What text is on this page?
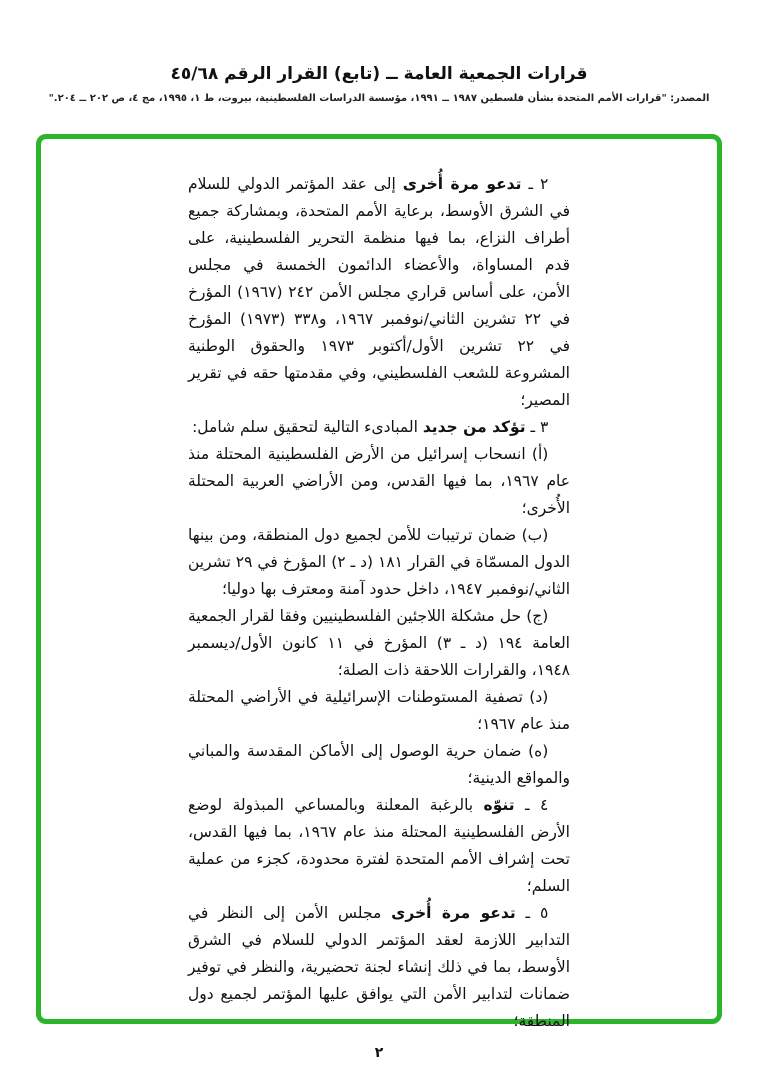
قرارات الجمعية العامة ــ (تابع) القرار الرقم ٤٥/٦٨
المصدر: "قرارات الأمم المتحدة بشأن فلسطين ١٩٨٧ ــ ١٩٩١، مؤسسة الدراسات الفلسطينية، بيروت، ط ١، ١٩٩٥، مج ٤، ص ٢٠٢ ــ ٢٠٤."

٢ ـ تدعو مرة أُخرى إلى عقد المؤتمر الدولي للسلام في الشرق الأوسط، برعاية الأمم المتحدة، وبمشاركة جميع أطراف النزاع، بما فيها منظمة التحرير الفلسطينية، على قدم المساواة، والأعضاء الدائمون الخمسة في مجلس الأمن، على أساس قراري مجلس الأمن ٢٤٢ (١٩٦٧) المؤرخ في ٢٢ تشرين الثاني/نوفمبر ١٩٦٧، و٣٣٨ (١٩٧٣) المؤرخ في ٢٢ تشرين الأول/أكتوبر ١٩٧٣ والحقوق الوطنية المشروعة للشعب الفلسطيني، وفي مقدمتها حقه في تقرير المصير؛

٣ ـ تؤكد من جديد المبادىء التالية لتحقيق سلم شامل:

(أ) انسحاب إسرائيل من الأرض الفلسطينية المحتلة منذ عام ١٩٦٧، بما فيها القدس، ومن الأراضي العربية المحتلة الأُخرى؛

(ب) ضمان ترتيبات للأمن لجميع دول المنطقة، ومن بينها الدول المسمّاة في القرار ١٨١ (د ـ ٢) المؤرخ في ٢٩ تشرين الثاني/نوفمبر ١٩٤٧، داخل حدود آمنة ومعترف بها دوليا؛

(ج) حل مشكلة اللاجئين الفلسطينيين وفقا لقرار الجمعية العامة ١٩٤ (د ـ ٣) المؤرخ في ١١ كانون الأول/ديسمبر ١٩٤٨، والقرارات اللاحقة ذات الصلة؛

(د) تصفية المستوطنات الإسرائيلية في الأراضي المحتلة منذ عام ١٩٦٧؛

(ه) ضمان حرية الوصول إلى الأماكن المقدسة والمباني والمواقع الدينية؛

٤ ـ تنوّه بالرغبة المعلنة وبالمساعي المبذولة لوضع الأرض الفلسطينية المحتلة منذ عام ١٩٦٧، بما فيها القدس، تحت إشراف الأمم المتحدة لفترة محدودة، كجزء من عملية السلم؛

٥ ـ تدعو مرة أُخرى مجلس الأمن إلى النظر في التدابير اللازمة لعقد المؤتمر الدولي للسلام في الشرق الأوسط، بما في ذلك إنشاء لجنة تحضيرية، والنظر في توفير ضمانات لتدابير الأمن التي يوافق عليها المؤتمر لجميع دول المنطقة؛

٢
